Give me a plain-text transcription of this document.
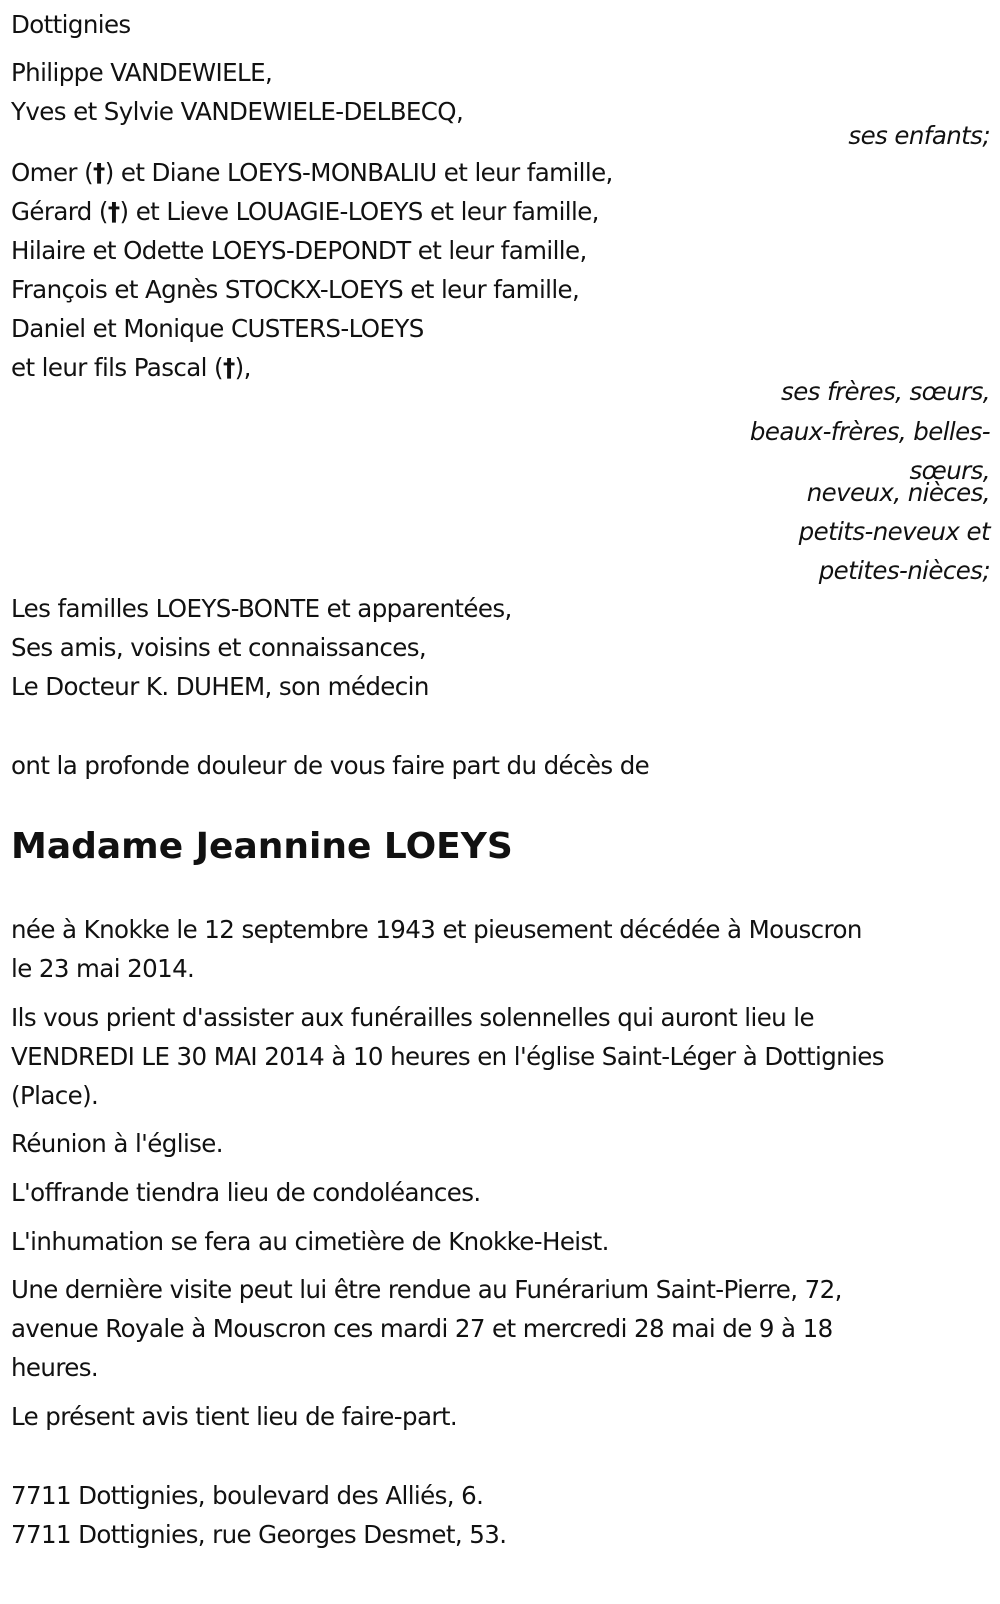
Dottignies
Philippe VANDEWIELE,
Yves et Sylvie VANDEWIELE-DELBECQ,
ses enfants;
Omer (†) et Diane LOEYS-MONBALIU et leur famille,
Gérard (†) et Lieve LOUAGIE-LOEYS et leur famille,
Hilaire et Odette LOEYS-DEPONDT et leur famille,
François et Agnès STOCKX-LOEYS et leur famille,
Daniel et Monique CUSTERS-LOEYS
et leur fils Pascal (†),
ses frères, sœurs,
beaux-frères, belles-
sœurs,
neveux, nièces,
petits-neveux et
petites-nièces;
Les familles LOEYS-BONTE et apparentées,
Ses amis, voisins et connaissances,
Le Docteur K. DUHEM, son médecin
ont la profonde douleur de vous faire part du décès de
Madame Jeannine LOEYS
née à Knokke le 12 septembre 1943 et pieusement décédée à Mouscron
le 23 mai 2014.
Ils vous prient d'assister aux funérailles solennelles qui auront lieu le
VENDREDI LE 30 MAI 2014 à 10 heures en l'église Saint-Léger à Dottignies
(Place).
Réunion à l'église.
L'offrande tiendra lieu de condoléances.
L'inhumation se fera au cimetière de Knokke-Heist.
Une dernière visite peut lui être rendue au Funérarium Saint-Pierre, 72,
avenue Royale à Mouscron ces mardi 27 et mercredi 28 mai de 9 à 18
heures.
Le présent avis tient lieu de faire-part.
7711 Dottignies, boulevard des Alliés, 6.
7711 Dottignies, rue Georges Desmet, 53.
